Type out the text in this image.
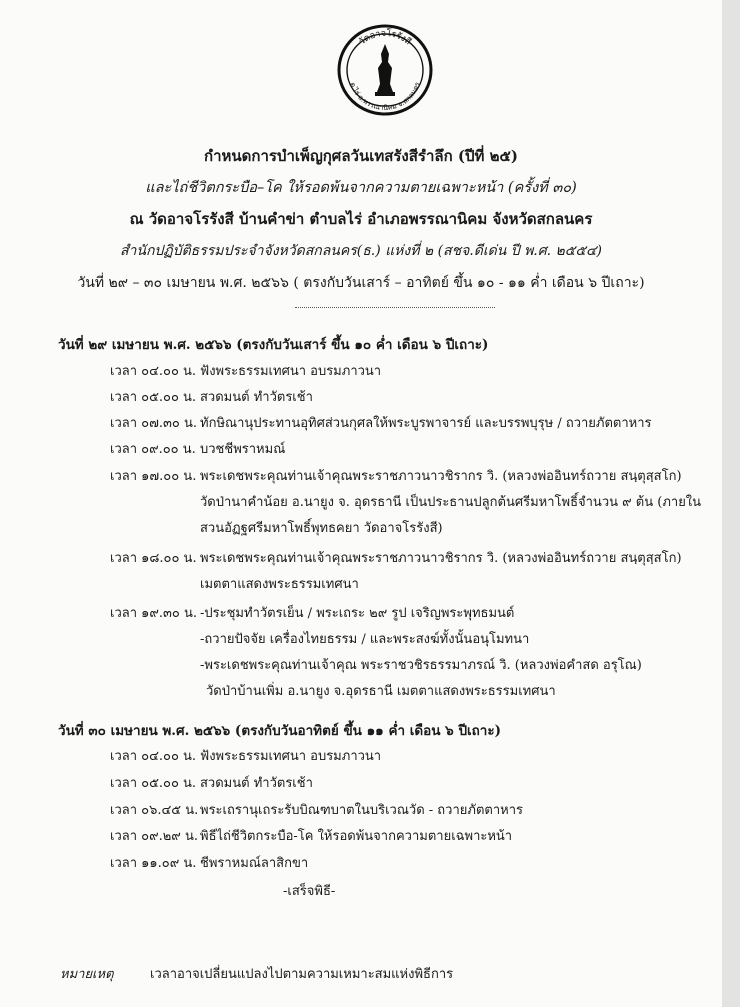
วัดอาจโรรังสี
ต.ไร่ อ.พรรณานิคม จ.สกลนคร
กำหนดการบำเพ็ญกุศลวันเทสรังสีรำลึก (ปีที่ ๒๕)
และไถ่ชีวิตกระบือ–โค ให้รอดพ้นจากความตายเฉพาะหน้า (ครั้งที่ ๓๐)
ณ วัดอาจโรรังสี บ้านคำข่า ตำบลไร่ อำเภอพรรณานิคม จังหวัดสกลนคร
สำนักปฏิบัติธรรมประจำจังหวัดสกลนคร(ธ.) แห่งที่ ๒ (สชจ.ดีเด่น ปี พ.ศ. ๒๕๕๔)
วันที่ ๒๙ – ๓๐ เมษายน พ.ศ. ๒๕๖๖ ( ตรงกับวันเสาร์ – อาทิตย์ ขึ้น ๑๐ - ๑๑ ค่ำ เดือน ๖ ปีเถาะ)
วันที่ ๒๙ เมษายน พ.ศ. ๒๕๖๖ (ตรงกับวันเสาร์ ขึ้น ๑๐ ค่ำ เดือน ๖ ปีเถาะ)
เวลา ๐๔.๐๐ น. ฟังพระธรรมเทศนา อบรมภาวนา
เวลา ๐๕.๐๐ น. สวดมนต์ ทำวัตรเช้า
เวลา ๐๗.๓๐ น. ทักษิณานุประทานอุทิศส่วนกุศลให้พระบูรพาจารย์ และบรรพบุรุษ / ถวายภัตตาหาร
เวลา ๐๙.๐๐ น. บวชชีพราหมณ์
เวลา ๑๗.๐๐ น. พระเดชพระคุณท่านเจ้าคุณพระราชภาวนาวชิรากร วิ. (หลวงพ่ออินทร์ถวาย สนฺตุสฺสโก)
วัดป่านาคำน้อย อ.นายูง จ. อุดรธานี เป็นประธานปลูกต้นศรีมหาโพธิ์จำนวน ๙ ต้น (ภายใน
สวนอัฏฐศรีมหาโพธิ์พุทธคยา วัดอาจโรรังสี)
เวลา ๑๘.๐๐ น. พระเดชพระคุณท่านเจ้าคุณพระราชภาวนาวชิรากร วิ. (หลวงพ่ออินทร์ถวาย สนฺตุสฺสโก)
เมตตาแสดงพระธรรมเทศนา
เวลา ๑๙.๓๐ น. -ประชุมทำวัตรเย็น / พระเถระ ๒๙ รูป เจริญพระพุทธมนต์
-ถวายปัจจัย เครื่องไทยธรรม / และพระสงฆ์ทั้งนั้นอนุโมทนา
-พระเดชพระคุณท่านเจ้าคุณ พระราชวชิรธรรมาภรณ์ วิ. (หลวงพ่อคำสด อรุโณ)
วัดป่าบ้านเพิ่ม อ.นายูง จ.อุดรธานี เมตตาแสดงพระธรรมเทศนา
วันที่ ๓๐ เมษายน พ.ศ. ๒๕๖๖ (ตรงกับวันอาทิตย์ ขึ้น ๑๑ ค่ำ เดือน ๖ ปีเถาะ)
เวลา ๐๔.๐๐ น. ฟังพระธรรมเทศนา อบรมภาวนา
เวลา ๐๕.๐๐ น. สวดมนต์ ทำวัตรเช้า
เวลา ๐๖.๔๕ น. พระเถรานุเถระรับบิณฑบาตในบริเวณวัด - ถวายภัตตาหาร
เวลา ๐๙.๒๙ น. พิธีไถ่ชีวิตกระบือ-โค ให้รอดพ้นจากความตายเฉพาะหน้า
เวลา ๑๑.๐๙ น. ชีพราหมณ์ลาสิกขา
-เสร็จพิธี-
หมายเหตุ	เวลาอาจเปลี่ยนแปลงไปตามความเหมาะสมแห่งพิธีการ
